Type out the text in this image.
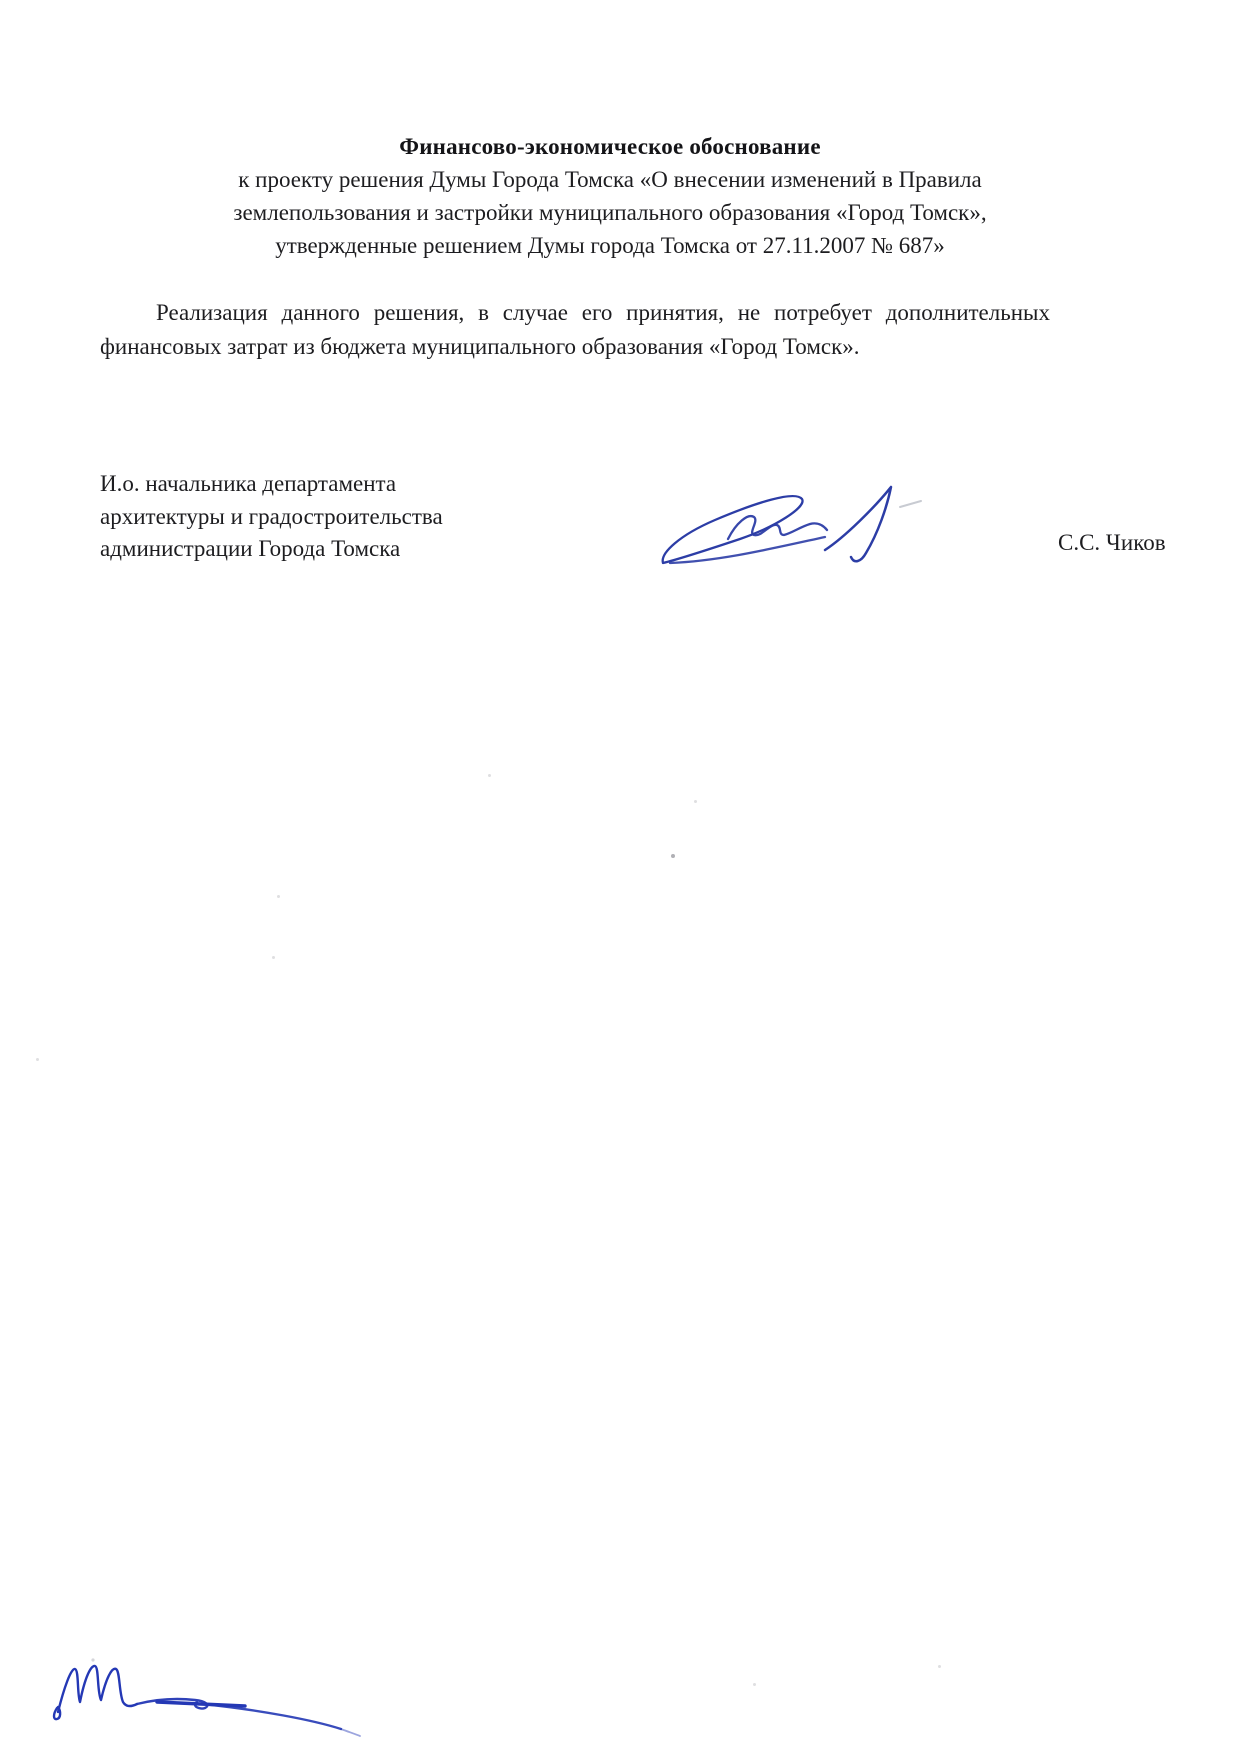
Финансово-экономическое обоснование
к проекту решения Думы Города Томска «О внесении изменений в Правила
землепользования и застройки муниципального образования «Город Томск»,
утвержденные решением Думы города Томска от 27.11.2007 № 687»
Реализация данного решения, в случае его принятия, не потребует дополнительных финансовых затрат из бюджета муниципального образования «Город Томск».
И.о. начальника департамента
архитектуры и градостроительства
администрации Города Томска	С.С. Чиков
